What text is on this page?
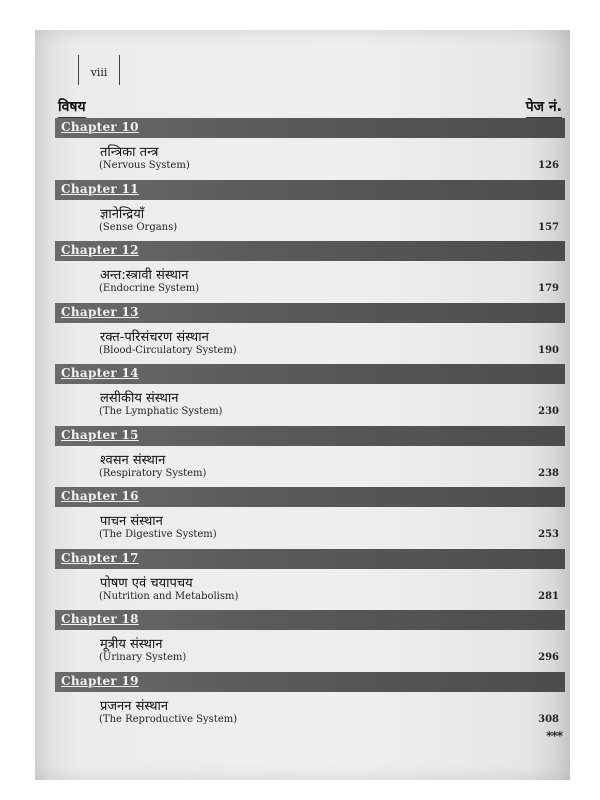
viii
विषय	पेज नं.
Chapter 10
तन्त्रिका तन्त्र
(Nervous System)	126
Chapter 11
ज्ञानेन्द्रियाँ
(Sense Organs)	157
Chapter 12
अन्त:स्त्रावी संस्थान
(Endocrine System)	179
Chapter 13
रक्त-परिसंचरण संस्थान
(Blood-Circulatory System)	190
Chapter 14
लसीकीय संस्थान
(The Lymphatic System)	230
Chapter 15
श्वसन संस्थान
(Respiratory System)	238
Chapter 16
पाचन संस्थान
(The Digestive System)	253
Chapter 17
पोषण एवं चयापचय
(Nutrition and Metabolism)	281
Chapter 18
मूत्रीय संस्थान
(Urinary System)	296
Chapter 19
प्रजनन संस्थान
(The Reproductive System)	308
***
